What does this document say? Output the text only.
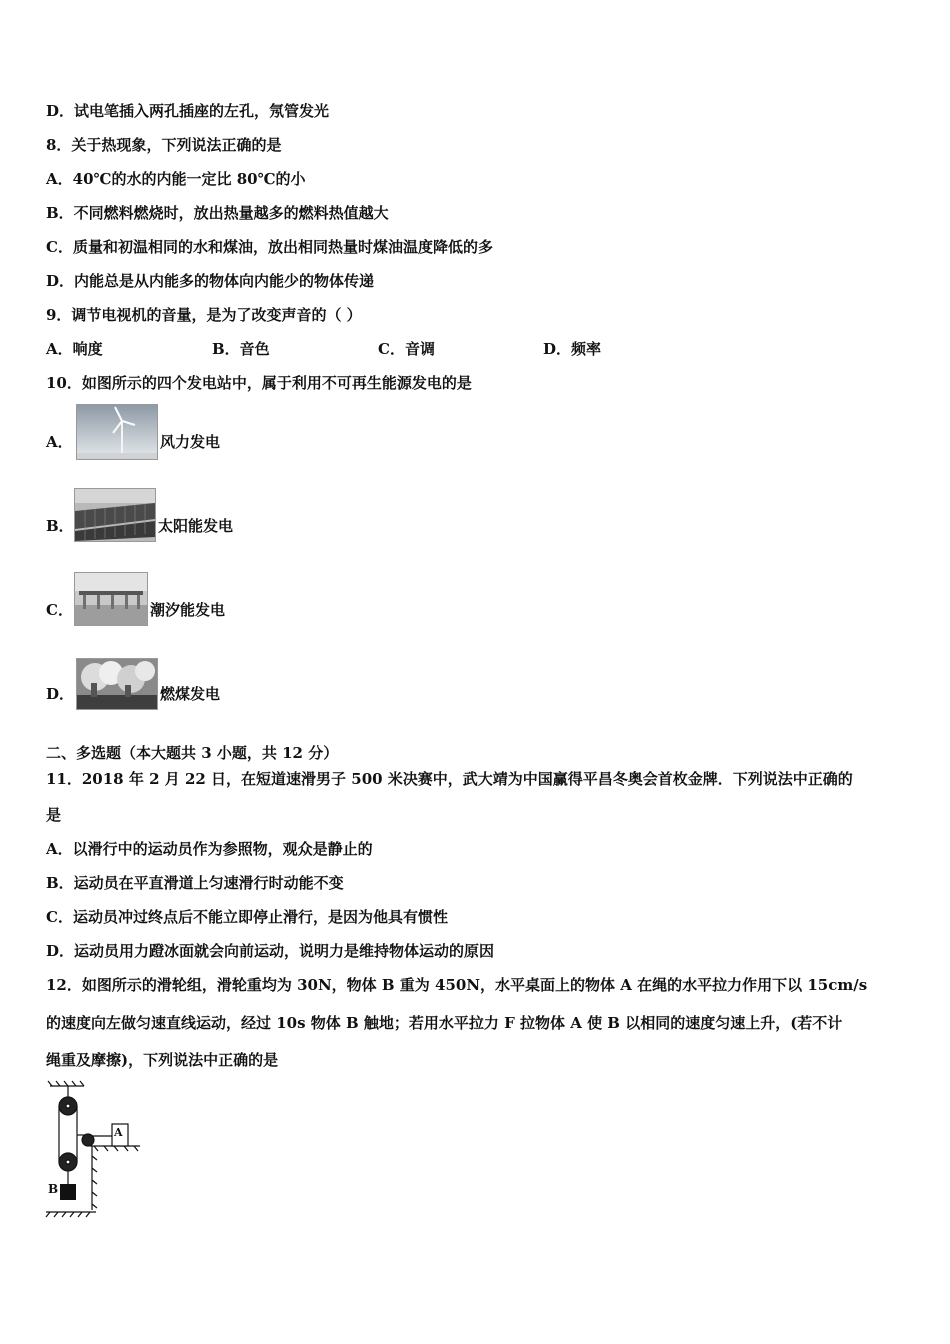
D．试电笔插入两孔插座的左孔，氖管发光
8．关于热现象，下列说法正确的是
A．40℃的水的内能一定比 80℃的小
B．不同燃料燃烧时，放出热量越多的燃料热值越大
C．质量和初温相同的水和煤油，放出相同热量时煤油温度降低的多
D．内能总是从内能多的物体向内能少的物体传递
9．调节电视机的音量，是为了改变声音的（ ）
A．响度	B．音色	C．音调	D．频率
10．如图所示的四个发电站中，属于利用不可再生能源发电的是
A．	风力发电
B．	太阳能发电
C．	潮汐能发电
D．	燃煤发电
二、多选题（本大题共 3 小题，共 12 分）
11．2018 年 2 月 22 日，在短道速滑男子 500 米决赛中，武大靖为中国赢得平昌冬奥会首枚金牌．下列说法中正确的
是
A．以滑行中的运动员作为参照物，观众是静止的
B．运动员在平直滑道上匀速滑行时动能不变
C．运动员冲过终点后不能立即停止滑行，是因为他具有惯性
D．运动员用力蹬冰面就会向前运动，说明力是维持物体运动的原因
12．如图所示的滑轮组，滑轮重均为 30N，物体 B 重为 450N，水平桌面上的物体 A 在绳的水平拉力作用下以 15cm/s
的速度向左做匀速直线运动，经过 10s 物体 B 触地；若用水平拉力 F 拉物体 A 使 B 以相同的速度匀速上升，(若不计
绳重及摩擦)，下列说法中正确的是
A
B
